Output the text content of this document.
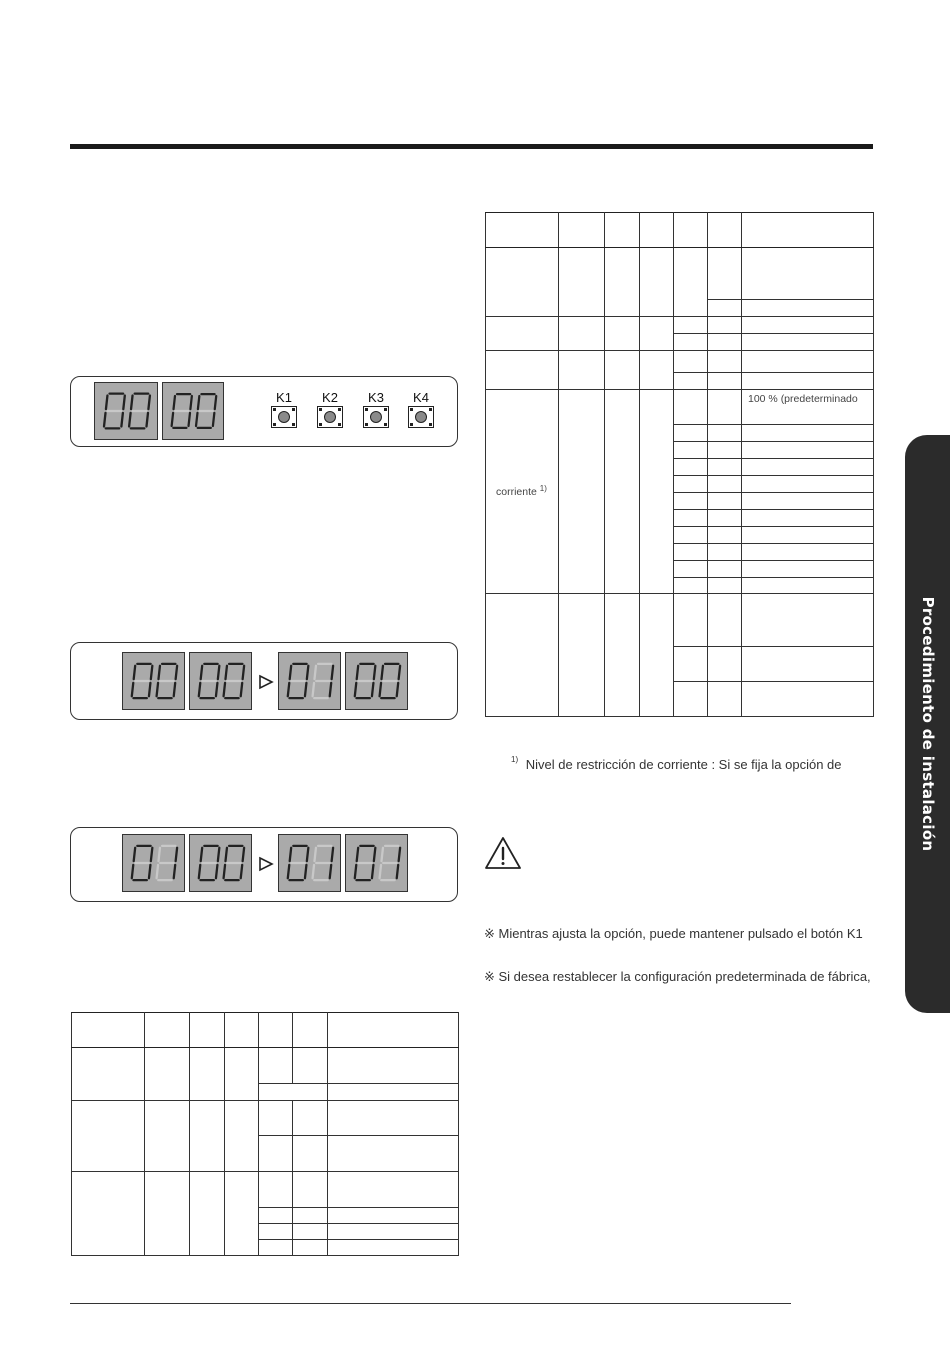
Procedimiento de instalación
K1	K2	K3	K4

corriente $^{1)}$						100 % (predeterminado

$^{1)}$ Nivel de restricción de corriente : Si se fija la opción de
※ Mientras ajusta la opción, puede mantener pulsado el botón K1
※ Si desea restablecer la configuración predeterminada de fábrica,
